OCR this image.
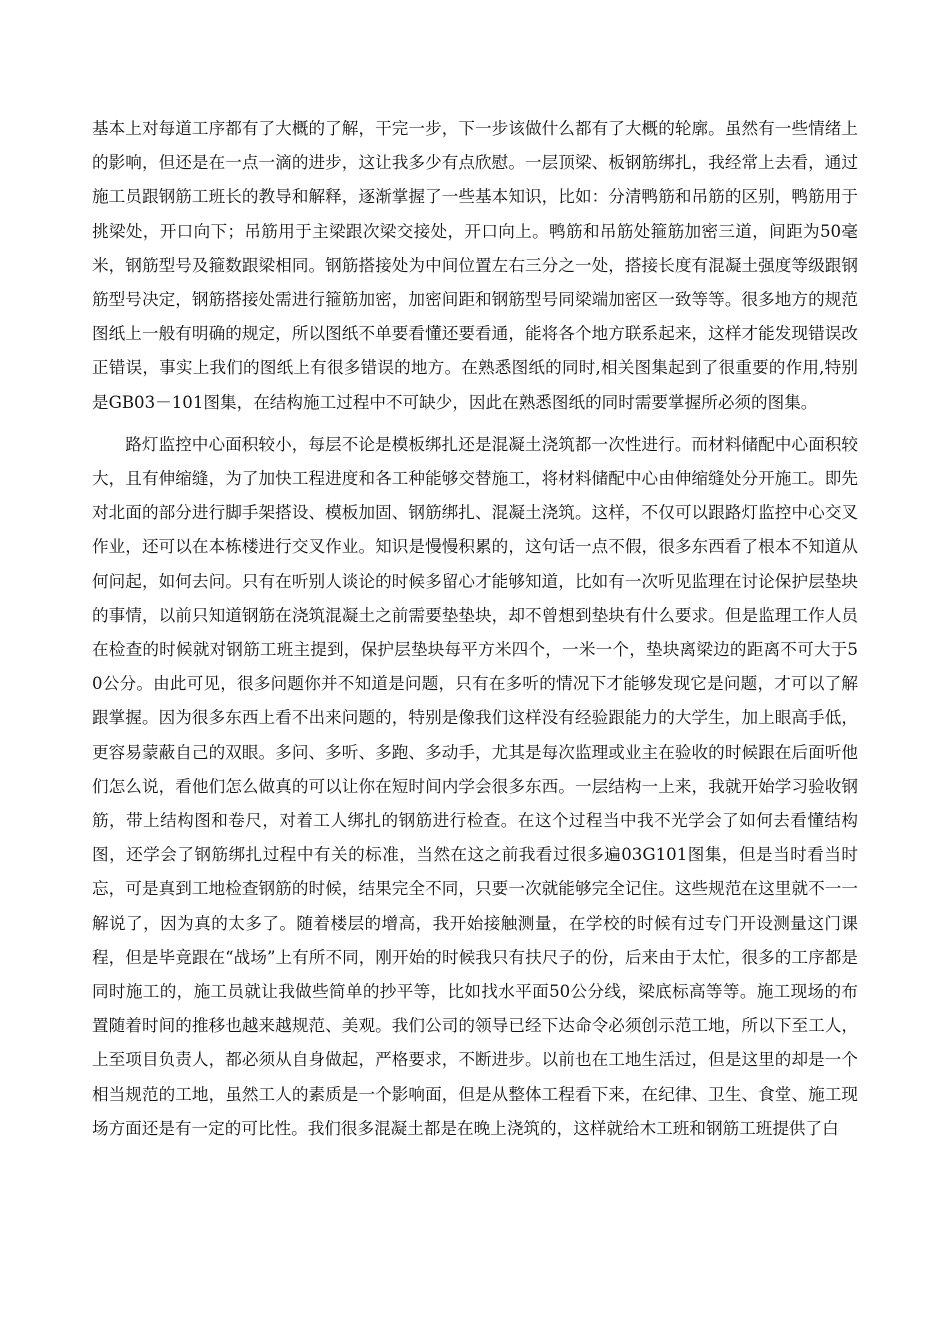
基本上对每道工序都有了大概的了解，干完一步，下一步该做什么都有了大概的轮廓。虽然有一些情绪上的影响，但还是在一点一滴的进步，这让我多少有点欣慰。一层顶梁、板钢筋绑扎，我经常上去看，通过施工员跟钢筋工班长的教导和解释，逐渐掌握了一些基本知识，比如：分清鸭筋和吊筋的区别，鸭筋用于挑梁处，开口向下；吊筋用于主梁跟次梁交接处，开口向上。鸭筋和吊筋处箍筋加密三道，间距为50毫米，钢筋型号及箍数跟梁相同。钢筋搭接处为中间位置左右三分之一处，搭接长度有混凝土强度等级跟钢筋型号决定，钢筋搭接处需进行箍筋加密，加密间距和钢筋型号同梁端加密区一致等等。很多地方的规范图纸上一般有明确的规定，所以图纸不单要看懂还要看通，能将各个地方联系起来，这样才能发现错误改正错误，事实上我们的图纸上有很多错误的地方。在熟悉图纸的同时,相关图集起到了很重要的作用,特别是GB03－101图集，在结构施工过程中不可缺少，因此在熟悉图纸的同时需要掌握所必须的图集。

路灯监控中心面积较小，每层不论是模板绑扎还是混凝土浇筑都一次性进行。而材料储配中心面积较大，且有伸缩缝，为了加快工程进度和各工种能够交替施工，将材料储配中心由伸缩缝处分开施工。即先对北面的部分进行脚手架搭设、模板加固、钢筋绑扎、混凝土浇筑。这样，不仅可以跟路灯监控中心交叉作业，还可以在本栋楼进行交叉作业。知识是慢慢积累的，这句话一点不假，很多东西看了根本不知道从何问起，如何去问。只有在听别人谈论的时候多留心才能够知道，比如有一次听见监理在讨论保护层垫块的事情，以前只知道钢筋在浇筑混凝土之前需要垫垫块，却不曾想到垫块有什么要求。但是监理工作人员在检查的时候就对钢筋工班主提到，保护层垫块每平方米四个，一米一个，垫块离梁边的距离不可大于50公分。由此可见，很多问题你并不知道是问题，只有在多听的情况下才能够发现它是问题，才可以了解跟掌握。因为很多东西上看不出来问题的，特别是像我们这样没有经验跟能力的大学生，加上眼高手低，更容易蒙蔽自己的双眼。多问、多听、多跑、多动手，尤其是每次监理或业主在验收的时候跟在后面听他们怎么说，看他们怎么做真的可以让你在短时间内学会很多东西。一层结构一上来，我就开始学习验收钢筋，带上结构图和卷尺，对着工人绑扎的钢筋进行检查。在这个过程当中我不光学会了如何去看懂结构图，还学会了钢筋绑扎过程中有关的标准，当然在这之前我看过很多遍03G101图集，但是当时看当时忘，可是真到工地检查钢筋的时候，结果完全不同，只要一次就能够完全记住。这些规范在这里就不一一解说了，因为真的太多了。随着楼层的增高，我开始接触测量，在学校的时候有过专门开设测量这门课程，但是毕竟跟在“战场”上有所不同，刚开始的时候我只有扶尺子的份，后来由于太忙，很多的工序都是同时施工的，施工员就让我做些简单的抄平等，比如找水平面50公分线，梁底标高等等。施工现场的布置随着时间的推移也越来越规范、美观。我们公司的领导已经下达命令必须创示范工地，所以下至工人，上至项目负责人，都必须从自身做起，严格要求，不断进步。以前也在工地生活过，但是这里的却是一个相当规范的工地，虽然工人的素质是一个影响面，但是从整体工程看下来，在纪律、卫生、食堂、施工现场方面还是有一定的可比性。我们很多混凝土都是在晚上浇筑的，这样就给木工班和钢筋工班提供了白
